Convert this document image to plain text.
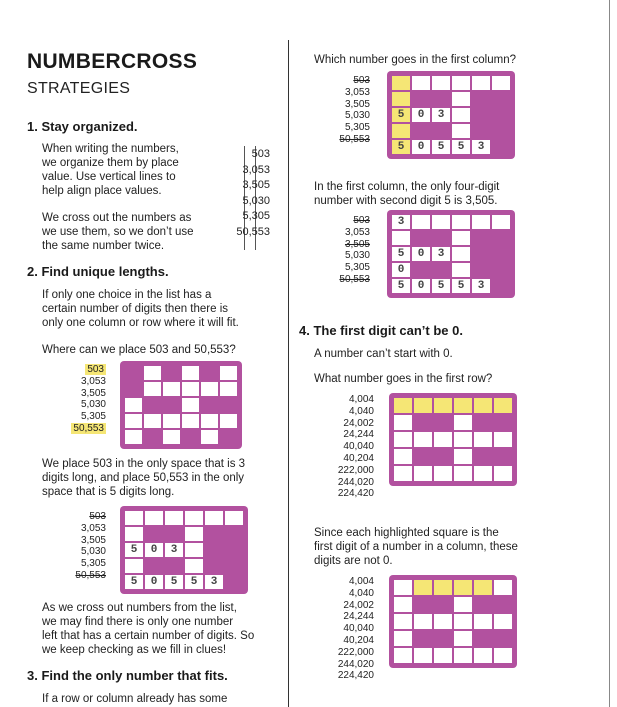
NUMBERCROSS
STRATEGIES
1. Stay organized.
When writing the numbers,
we organize them by place
value. Use vertical lines to
help align place values.
We cross out the numbers as
we use them, so we don’t use
the same number twice.
503
3,053
3,505
5,030
5,305
50,553
2. Find unique lengths.
If only one choice in the list has a
certain number of digits then there is
only one column or row where it will fit.
Where can we place 503 and 50,553?
503
3,053
3,505
5,030
5,305
50,553
We place 503 in the only space that is 3
digits long, and place 50,553 in the only
space that is 5 digits long.
503
3,053
3,505
5,030
5,305
50,553
5	0	3
5	0	5	5	3
As we cross out numbers from the list,
we may find there is only one number
left that has a certain number of digits. So
we keep checking as we fill in clues!
3. Find the only number that fits.
If a row or column already has some
Which number goes in the first column?
503
3,053
3,505
5,030
5,305
50,553
5	0	3
5	0	5	5	3
In the first column, the only four-digit
number with second digit 5 is 3,505.
503
3,053
3,505
5,030
5,305
50,553
3
5	0	3
0
5	0	5	5	3
4. The first digit can’t be 0.
A number can’t start with 0.
What number goes in the first row?
4,004
4,040
24,002
24,244
40,040
40,204
222,000
244,020
224,420
Since each highlighted square is the
first digit of a number in a column, these
digits are not 0.
4,004
4,040
24,002
24,244
40,040
40,204
222,000
244,020
224,420
